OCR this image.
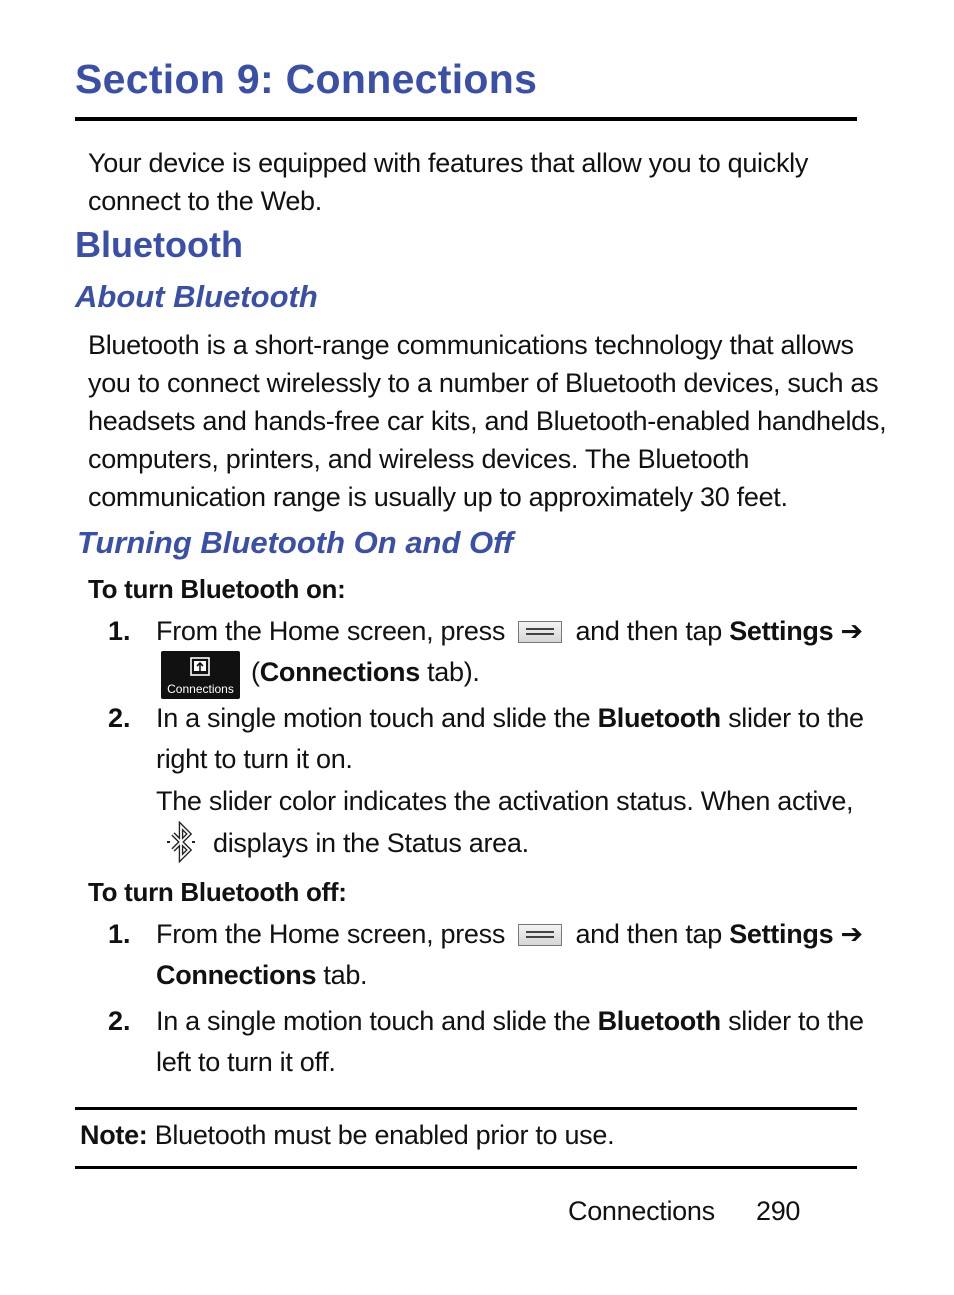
Section 9: Connections
Your device is equipped with features that allow you to quickly
connect to the Web.
Bluetooth
About Bluetooth
Bluetooth is a short-range communications technology that allows
you to connect wirelessly to a number of Bluetooth devices, such as
headsets and hands-free car kits, and Bluetooth-enabled handhelds,
computers, printers, and wireless devices. The Bluetooth
communication range is usually up to approximately 30 feet.
Turning Bluetooth On and Off
To turn Bluetooth on:
1. From the Home screen, press	and then tap Settings ➔
Connections
(Connections tab).
2. In a single motion touch and slide the Bluetooth slider to the
right to turn it on.
The slider color indicates the activation status. When active,
displays in the Status area.
To turn Bluetooth off:
1. From the Home screen, press	and then tap Settings ➔
Connections tab.
2. In a single motion touch and slide the Bluetooth slider to the
left to turn it off.
Note: Bluetooth must be enabled prior to use.
Connections 290
